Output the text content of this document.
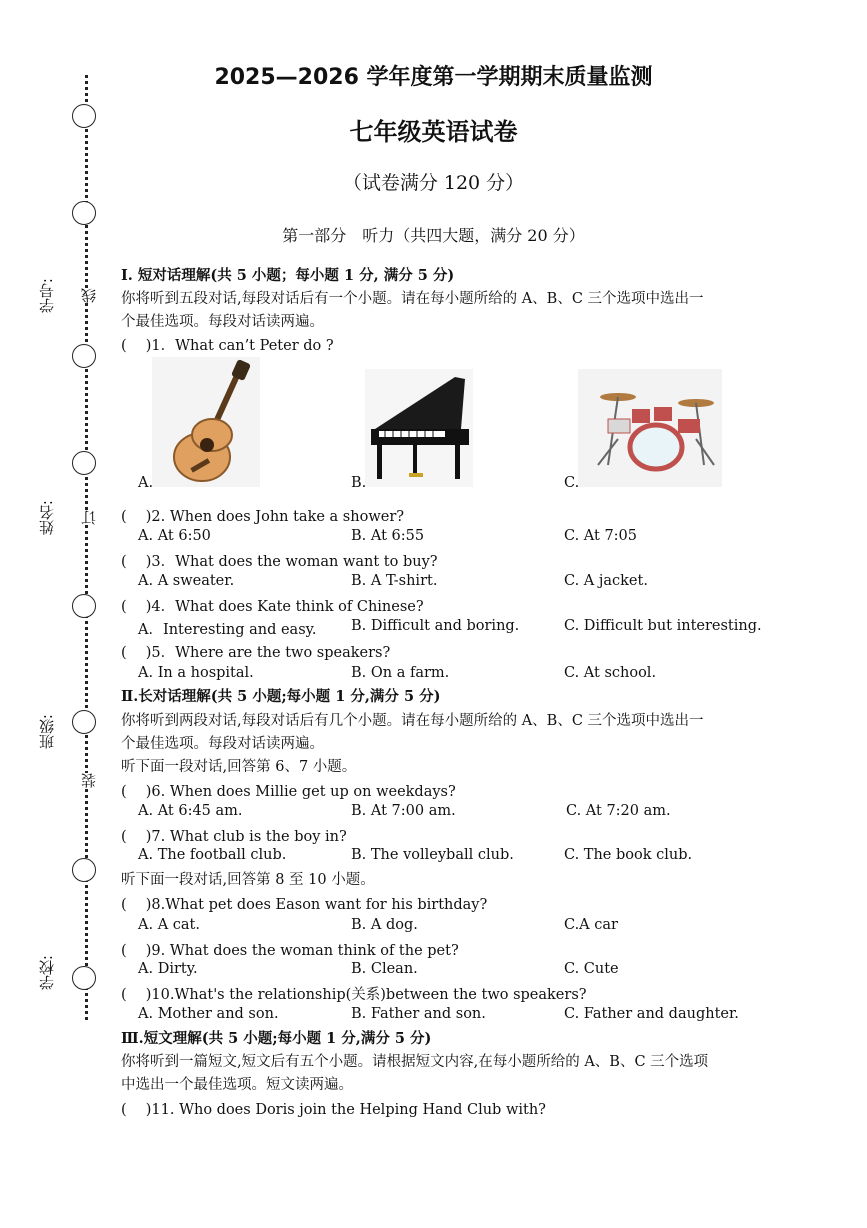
学号:
姓名:
班级:
学校:
线
订
装
2025—2026 学年度第一学期期末质量监测
七年级英语试卷
（试卷满分 120 分）
第一部分　听力（共四大题，满分 20 分）
Ⅰ. 短对话理解(共 5 小题；每小题 1 分, 满分 5 分)
你将听到五段对话,每段对话后有一个小题。请在每小题所给的 A、B、C 三个选项中选出一
个最佳选项。每段对话读两遍。
(　 )1．What can’t Peter do ?
A.	B.	C.
(　 )2. When does John take a shower?
A. At 6:50	B. At 6:55	C. At 7:05
(　 )3．What does the woman want to buy?
A. A sweater.	B. A T-shirt.	C. A jacket.
(　 )4．What does Kate think of Chinese?
A．Interesting and easy. B. Difficult and boring.	C. Difficult but interesting.
(　 )5．Where are the two speakers?
A. In a hospital.	B. On a farm.	C. At school.
Ⅱ.长对话理解(共 5 小题;每小题 1 分,满分 5 分)
你将听到两段对话,每段对话后有几个小题。请在每小题所给的 A、B、C 三个选项中选出一
个最佳选项。每段对话读两遍。
听下面一段对话,回答第 6、7 小题。
(　 )6. When does Millie get up on weekdays?
A. At 6:45 am.	B. At 7:00 am.	C. At 7:20 am.
(　 )7. What club is the boy in?
A. The football club.	B. The volleyball club.	C. The book club.
听下面一段对话,回答第 8 至 10 小题。
(　 )8.What pet does Eason want for his birthday?
A. A cat.	B. A dog.	C.A car
(　 )9. What does the woman think of the pet?
A. Dirty.	B. Clean.	C. Cute
(　 )10.What's the relationship(关系)between the two speakers?
A. Mother and son.	B. Father and son.	C. Father and daughter.
Ⅲ.短文理解(共 5 小题;每小题 1 分,满分 5 分)
你将听到一篇短文,短文后有五个小题。请根据短文内容,在每小题所给的 A、B、C 三个选项
中选出一个最佳选项。短文读两遍。
(　 )11. Who does Doris join the Helping Hand Club with?
